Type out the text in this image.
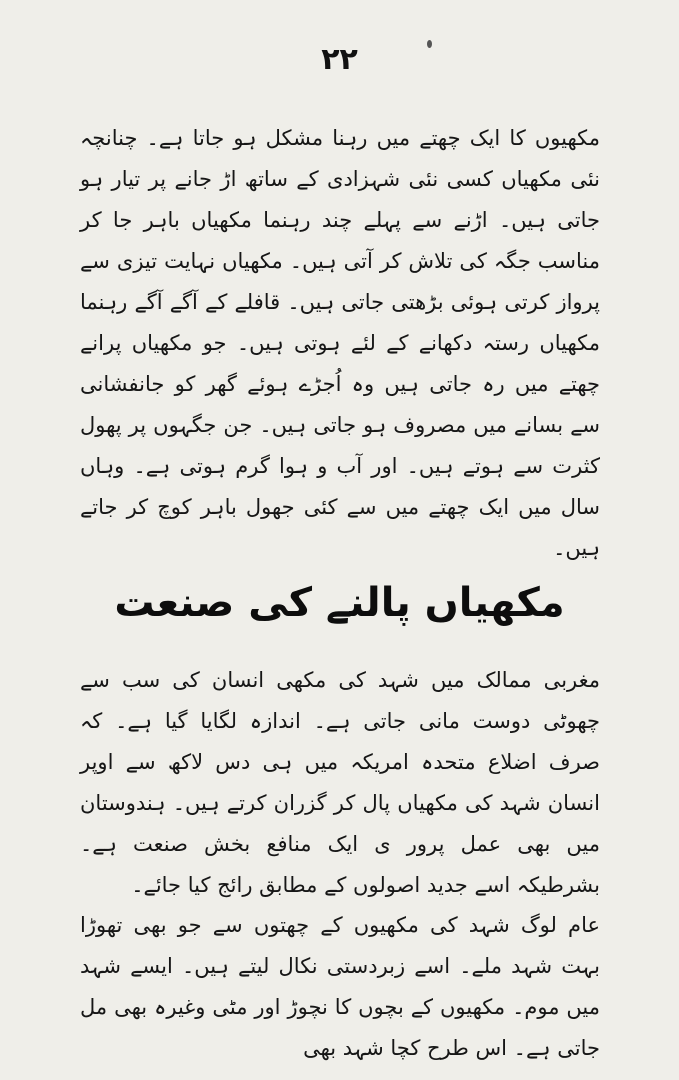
۲۲

مکھیوں کا ایک چھتے میں رہنا مشکل ہو جاتا ہے۔ چنانچہ نئی مکھیاں کسی نئی شہزادی کے ساتھ اڑ جانے پر تیار ہو جاتی ہیں۔ اڑنے سے پہلے چند رہنما مکھیاں باہر جا کر مناسب جگہ کی تلاش کر آتی ہیں۔ مکھیاں نہایت تیزی سے پرواز کرتی ہوئی بڑھتی جاتی ہیں۔ قافلے کے آگے آگے رہنما مکھیاں رستہ دکھانے کے لئے ہوتی ہیں۔ جو مکھیاں پرانے چھتے میں رہ جاتی ہیں وہ اُجڑے ہوئے گھر کو جانفشانی سے بسانے میں مصروف ہو جاتی ہیں۔ جن جگہوں پر پھول کثرت سے ہوتے ہیں۔ اور آب و ہوا گرم ہوتی ہے۔ وہاں سال میں ایک چھتے میں سے کئی جھول باہر کوچ کر جاتے ہیں۔

مکھیاں پالنے کی صنعت

مغربی ممالک میں شہد کی مکھی انسان کی سب سے چھوٹی دوست مانی جاتی ہے۔ اندازہ لگایا گیا ہے۔ کہ صرف اضلاع متحدہ امریکہ میں ہی دس لاکھ سے اوپر انسان شہد کی مکھیاں پال کر گزران کرتے ہیں۔ ہندوستان میں بھی عمل پرور ی ایک منافع بخش صنعت ہے۔ بشرطیکہ اسے جدید اصولوں کے مطابق رائج کیا جائے۔

عام لوگ شہد کی مکھیوں کے چھتوں سے جو بھی تھوڑا بہت شہد ملے۔ اسے زبردستی نکال لیتے ہیں۔ ایسے شہد میں موم۔ مکھیوں کے بچوں کا نچوڑ اور مٹی وغیرہ بھی مل جاتی ہے۔ اس طرح کچا شہد بھی
